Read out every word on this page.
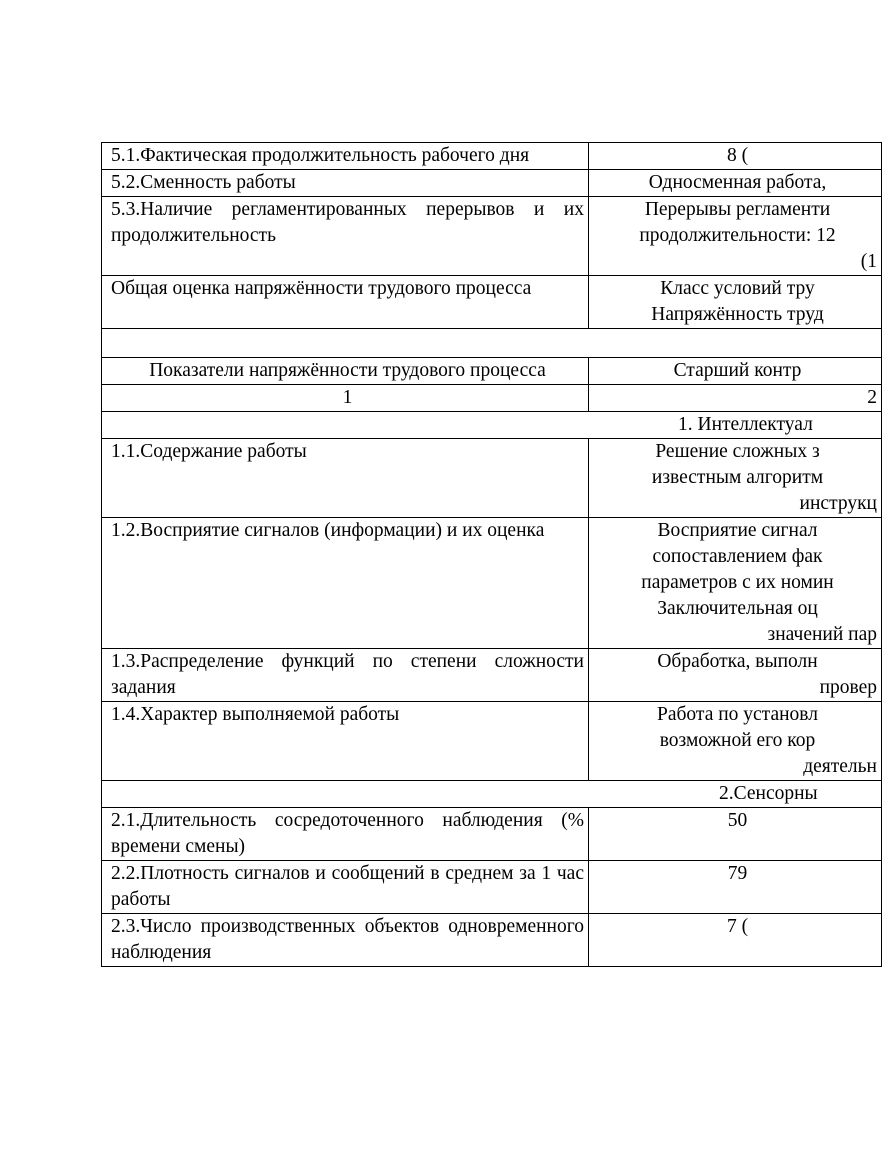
5.1.Фактическая продолжительность рабочего дня	8 (

5.2.Сменность работы	Односменная работа,

5.3.Наличие регламентированных перерывов и их продолжительность	Перерывы регламенти
продолжительности: 12
(1

Общая оценка напряжённости трудового процесса	Класс условий тру
Напряжённость труд

Показатели напряжённости трудового процесса	Старший контр
1	2
1. Интеллектуал	
1.1.Содержание работы	Решение сложных з
известным алгоритм
инструкц

1.2.Восприятие сигналов (информации) и их оценка	Восприятие сигнал
сопоставлением фак
параметров с их номин
Заключительная оц
значений пар

1.3.Распределение функций по степени сложности задания	Обработка, выполн
провер

1.4.Характер выполняемой работы	Работа по установл
возможной его кор
деятельн

2.Сенсорны	
2.1.Длительность сосредоточенного наблюдения (% времени смены)	50

2.2.Плотность сигналов и сообщений в среднем за 1 час работы	79

2.3.Число производственных объектов одновременного наблюдения	7 (
